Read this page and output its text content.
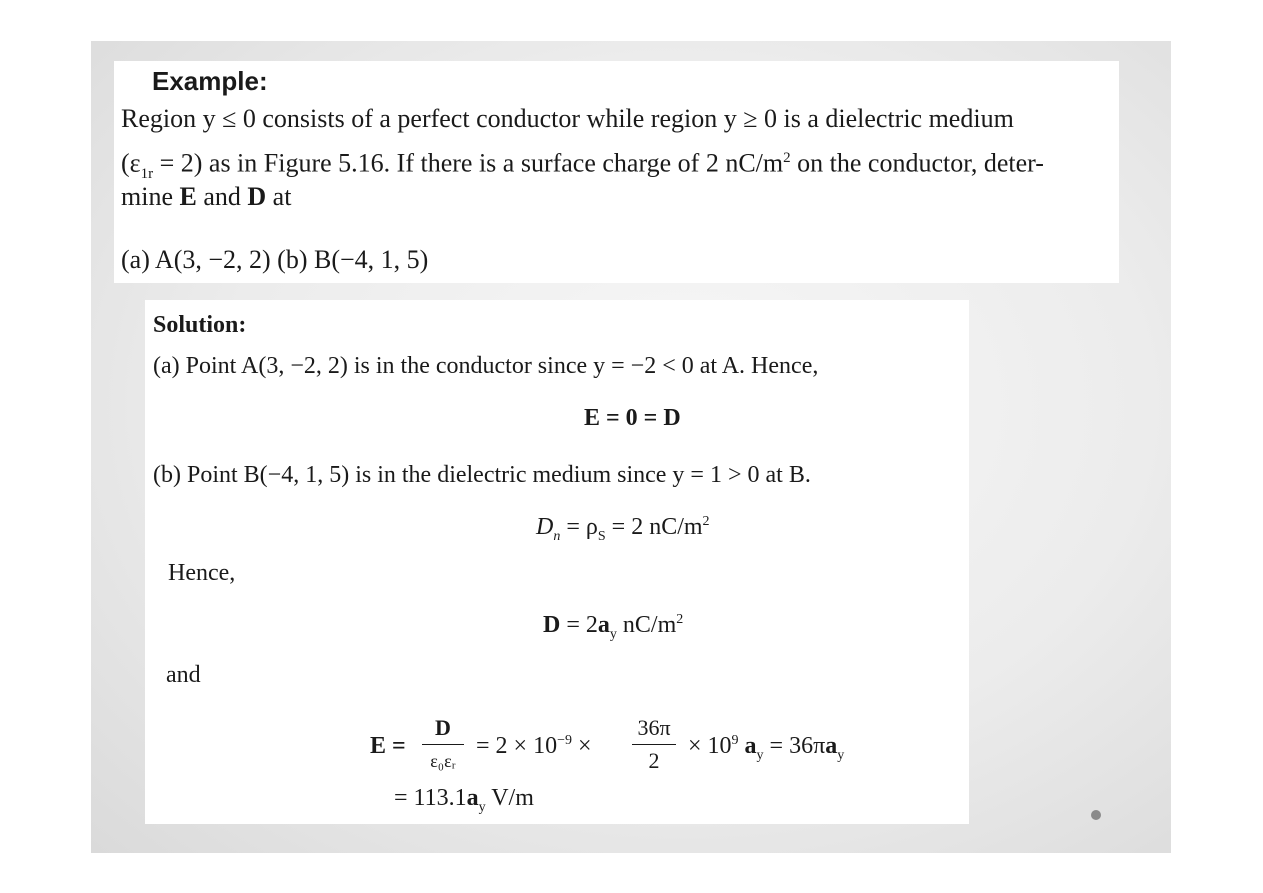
Example:
Region y ≤ 0 consists of a perfect conductor while region y ≥ 0 is a dielectric medium
$(\varepsilon_{1r} = 2)$ as in Figure 5.16. If there is a surface charge of 2 $nC/m^2$ on the conductor, deter-
mine E and D at
(a) A(3, −2, 2) (b) B(−4, 1, 5)
Solution:
(a) Point A(3, −2, 2) is in the conductor since y = −2 < 0 at A. Hence,
E = 0 = D
(b) Point B(−4, 1, 5) is in the dielectric medium since y = 1 > 0 at B.
$D_n = \rho_S = 2$ $nC/m^2$
Hence,
$D = 2a_y$ $nC/m^2$
and
E =
D
ε₀εᵣ
= $2 \times 10^{-9}$ ×
36π
2
× $10^9$ $a_y = 36\pi a_y$
= $113.1a_y$ V/m
